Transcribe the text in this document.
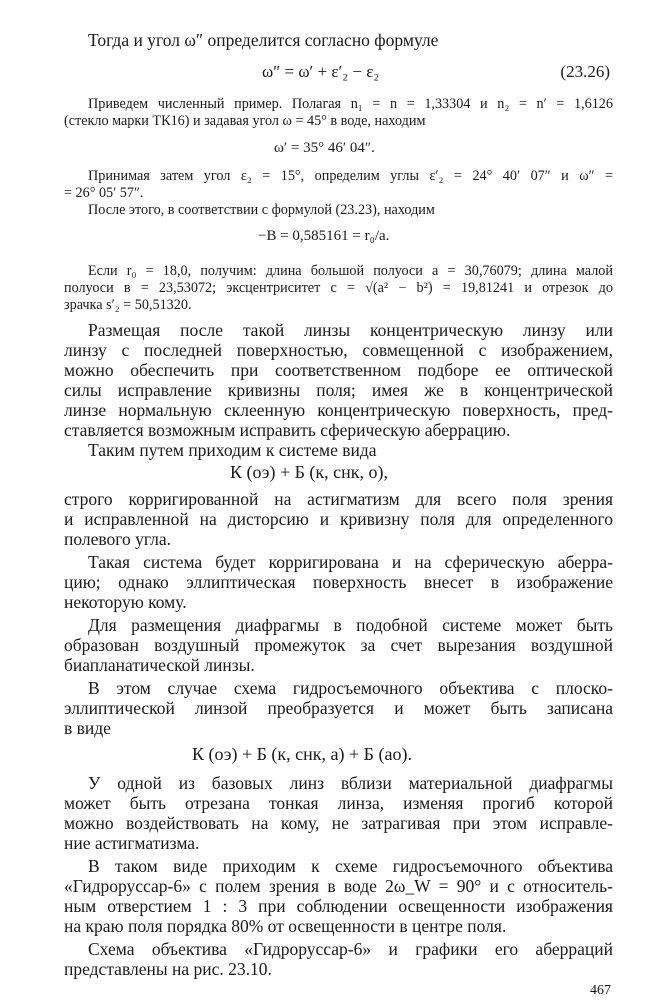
Тогда и угол ω″ определится согласно формуле

ω″ = ω′ + ε′₂ − ε₂	(23.26)

Приведем численный пример. Полагая n₁ = n = 1,33304 и n₂ = n′ = 1,6126

(стекло марки ТК16) и задавая угол ω = 45° в воде, находим

ω′ = 35° 46′ 04″.

Принимая затем угол ε₂ = 15°, определим углы ε′₂ = 24° 40′ 07″ и ω″ =

= 26° 05′ 57″.

После этого, в соответствии с формулой (23.23), находим

−B = 0,585161 = r₀/a.

Если r₀ = 18,0, получим: длина большой полуоси a = 30,76079; длина малой

полуоси в = 23,53072; эксцентриситет c = √(a² − b²) = 19,81241 и отрезок до

зрачка s′₂ = 50,51320.

Размещая после такой линзы концентрическую линзу или

линзу с последней поверхностью, совмещенной с изображением,

можно обеспечить при соответственном подборе ее оптической

силы исправление кривизны поля; имея же в концентрической

линзе нормальную склеенную концентрическую поверхность, пред-

ставляется возможным исправить сферическую аберрацию.

Таким путем приходим к системе вида

К (оэ) + Б (к, снк, о),

строго корригированной на астигматизм для всего поля зрения

и исправленной на дисторсию и кривизну поля для определенного

полевого угла.

Такая система будет корригирована и на сферическую аберра-

цию; однако эллиптическая поверхность внесет в изображение

некоторую кому.

Для размещения диафрагмы в подобной системе может быть

образован воздушный промежуток за счет вырезания воздушной

биапланатической линзы.

В этом случае схема гидросъемочного объектива с плоско-

эллиптической линзой преобразуется и может быть записана

в виде

К (оэ) + Б (к, снк, а) + Б (ао).

У одной из базовых линз вблизи материальной диафрагмы

может быть отрезана тонкая линза, изменяя прогиб которой

можно воздействовать на кому, не затрагивая при этом исправле-

ние астигматизма.

В таком виде приходим к схеме гидросъемочного объектива

«Гидроруссар-6» с полем зрения в воде 2ω_W = 90° и с относитель-

ным отверстием 1 : 3 при соблюдении освещенности изображения

на краю поля порядка 80% от освещенности в центре поля.

Схема объектива «Гидроруссар-6» и графики его аберраций

представлены на рис. 23.10.

467
